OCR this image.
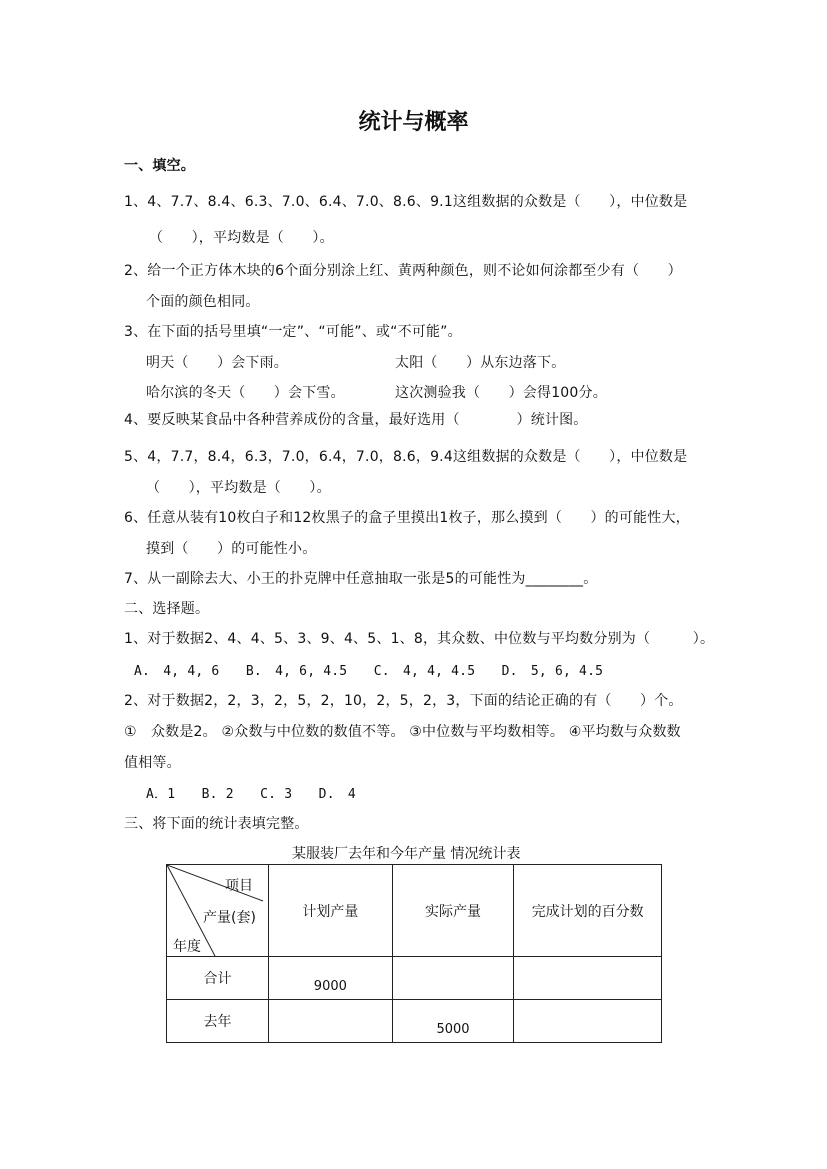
统计与概率
一、填空。
1、4、7.7、8.4、6.3、7.0、6.4、7.0、8.6、9.1这组数据的众数是（　　），中位数是
（　　），平均数是（　　）。
2、给一个正方体木块的6个面分别涂上红、黄两种颜色，则不论如何涂都至少有（　　）
个面的颜色相同。
3、在下面的括号里填“一定”、“可能”、或“不可能”。
明天（　　）会下雨。	太阳（　　）从东边落下。
哈尔滨的冬天（　　）会下雪。	这次测验我（　　）会得100分。
4、要反映某食品中各种营养成份的含量，最好选用（　　　　）统计图。
5、4，7.7，8.4，6.3，7.0，6.4，7.0，8.6，9.4这组数据的众数是（　　），中位数是
（　　），平均数是（　　）。
6、任意从装有10枚白子和12枚黑子的盒子里摸出1枚子，那么摸到（　　）的可能性大，
摸到（　　）的可能性小。
7、从一副除去大、小王的扑克牌中任意抽取一张是5的可能性为________。
二、选择题。
1、对于数据2、4、4、5、3、9、4、5、1、8，其众数、中位数与平均数分别为（　　　）。
A.　4, 4, 6　　B.　4, 6, 4.5　　C.　4, 4, 4.5　　D.　5, 6, 4.5
2、对于数据2，2，3，2，5，2，10，2，5，2，3，下面的结论正确的有（　　）个。
①　众数是2。 ②众数与中位数的数值不等。 ③中位数与平均数相等。 ④平均数与众数数
值相等。
A．1　　B. 2　　C. 3　　D.　4
三、将下面的统计表填完整。
某服装厂去年和今年产量 情况统计表
项目
产量(套)
年度	计划产量	实际产量	完成计划的百分数
合计	9000		

去年		5000	
